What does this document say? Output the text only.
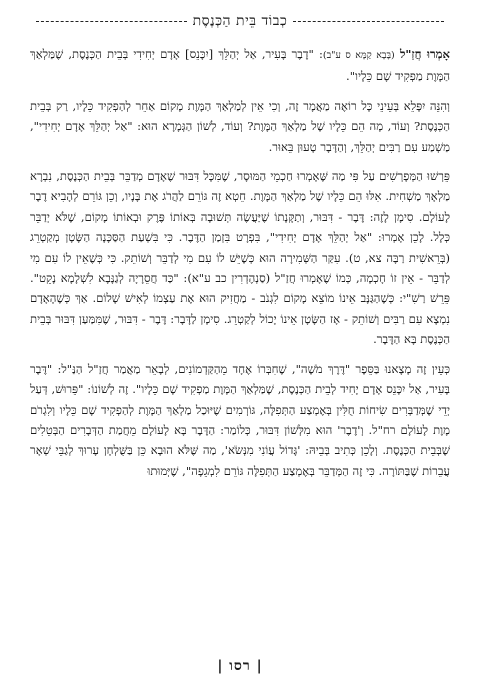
כְבוֹד בֵּית הַכְּנֶסֶת

אָמְרוּ חֲזַ"ל (בָּבָא קַמָּא ס ע"ב): "דֶבֶר בָּעִיר, אַל יְהַלֵּךְ [יִכָּנֵס] אָדָם יְחִידִי בְּבֵית הַכְּנֶסֶת, שֶׁמַּלְאַךְ הַמָּוֶת מַפְקִיד שָׁם כֵּלָיו".

וְהִנֵּה יִפָּלֵא בְּעֵינֵי כָּל רוֹאֶה מַאֲמָר זֶה, וְכִי אֵין לְמַלְאַךְ הַמָּוֶת מָקוֹם אַחֵר לְהַפְקִיד כֵּלָיו, רַק בְּבֵית הַכְּנֶסֶת? וְעוֹד, מָה הֵם כֵּלָיו שֶׁל מַלְאַךְ הַמָּוֶת? וְעוֹד, לְשׁוֹן הַגְּמָרָא הוּא: "אַל יְהַלֵּךְ אָדָם יְחִידִי", מַשְׁמַע עִם רַבִּים יְהַלֵּךְ, וְהַדָּבָר טָעוּן בֵּאוּר.

פֵּרְשׁוּ הַמְּפָרְשִׁים עַל פִּי מַה שֶּׁאָמְרוּ חַכְמֵי הַמּוּסָר, שֶׁמִּכָּל דִּבּוּר שֶׁאָדָם מְדַבֵּר בְּבֵית הַכְּנֶסֶת, נִבְרָא מַלְאָךְ מַשְׁחִית. אִלּוּ הֵם כֵּלָיו שֶׁל מַלְאַךְ הַמָּוֶת. חֵטְא זֶה גּוֹרֵם לַהֲרֹג אֶת בָּנָיו, וְכֵן גּוֹרֵם לְהָבִיא דֶבֶר לָעוֹלָם. סִימָן לָזֶה: דֶּבֶר - דִּבּוּר, וְתַקָּנָתוֹ שֶׁיַּעֲשֶׂה תְּשׁוּבָה בְּאוֹתוֹ פֶּרֶק וּבְאוֹתוֹ מָקוֹם, שֶׁלֹּא יְדַבֵּר כְּלָל. לָכֵן אָמְרוּ: "אַל יְהַלֵּךְ אָדָם יְחִידִי", בִּפְרָט בִּזְמַן הַדֶּבֶר. כִּי בִּשְׁעַת הַסַּכָּנָה הַשָּׂטָן מְקַטְרֵג (בְּרֵאשִׁית רַבָּה צא, ט). עִקַּר הַשְּׁמִירָה הוּא כְּשֶׁיֵּשׁ לוֹ עִם מִי לְדַבֵּר וְשׁוֹתֵק. כִּי כְּשֶׁאֵין לוֹ עִם מִי לְדַבֵּר - אֵין זוֹ חָכְמָה, כְּמוֹ שֶׁאָמְרוּ חֲזַ"ל (סַנְהֶדְרִין כב ע"א): "כַּד חֲסֵרָיָה לְגַנָּבָא לִשְׁלָמָא נָקֵט". פֵּרֵשׁ רַשִׁ"י: כְּשֶׁהַגַּנָּב אֵינוֹ מוֹצֵא מָקוֹם לִגְנֹב - מַחֲזִיק הוּא אֶת עַצְמוֹ לְאִישׁ שָׁלוֹם. אַךְ כְּשֶׁהָאָדָם נִמְצָא עִם רַבִּים וְשׁוֹתֵק - אָז הַשָּׂטָן אֵינוֹ יָכוֹל לְקַטְרֵג. סִימָן לַדָּבָר: דֶּבֶר - דִּבּוּר, שֶׁמִּמַּעַן דִּבּוּר בְּבֵית הַכְּנֶסֶת בָּא הַדֶּבֶר.

כְּעֵין זֶה מָצָאנוּ בַּסֵּפֶר "דֶּרֶךְ מֹשֶׁה", שֶׁחִבְּרוֹ אֶחָד מֵהַקַּדְמוֹנִים, לְבָאֵר מַאֲמַר חֲזַ"ל הַנַּ"ל: "דֶּבֶר בָּעִיר, אַל יִכָּנֵס אָדָם יָחִיד לְבֵית הַכְּנֶסֶת, שֶׁמַּלְאַךְ הַמָּוֶת מַפְקִיד שָׁם כֵּלָיו". זֶה לְשׁוֹנוֹ: "פֵּרוּשׁ, דְּעַל יְדֵי שֶׁמְּדַבְּרִים שִׂיחוֹת חֻלִּין בְּאֶמְצַע הַתְּפִלָּה, גּוֹרְמִים שֶׁיּוּכַל מַלְאַךְ הַמָּוֶת לְהַפְקִיד שָׁם כֵּלָיו וְלִגְרֹם מָוֶת לָעוֹלָם רח"ל. וְ'דֶבֶר' הוּא מִלְּשׁוֹן דִּבּוּר, כְּלוֹמַר: הַדֶּבֶר בָּא לָעוֹלָם מֵחֲמַת הַדְּבָרִים הַבְּטֵלִים שֶׁבְּבֵית הַכְּנֶסֶת. וְלָכֵן כְּתִיב בְּבֵיהּ: 'גָּדוֹל עֲוֹנִי מִנְּשֹׂא', מַה שֶּׁלֹּא הוּבָא כֵּן בַּשֻּׁלְחָן עָרוּךְ לְגַבֵּי שְׁאָר עֲבֵרוֹת שֶׁבַּתּוֹרָה. כִּי זֶה הַמְּדַבֵּר בְּאֶמְצַע הַתְּפִלָּה גּוֹרֵם לִמְגֵפָה", שֶׁיְּמוּתוּ

| רסו |
